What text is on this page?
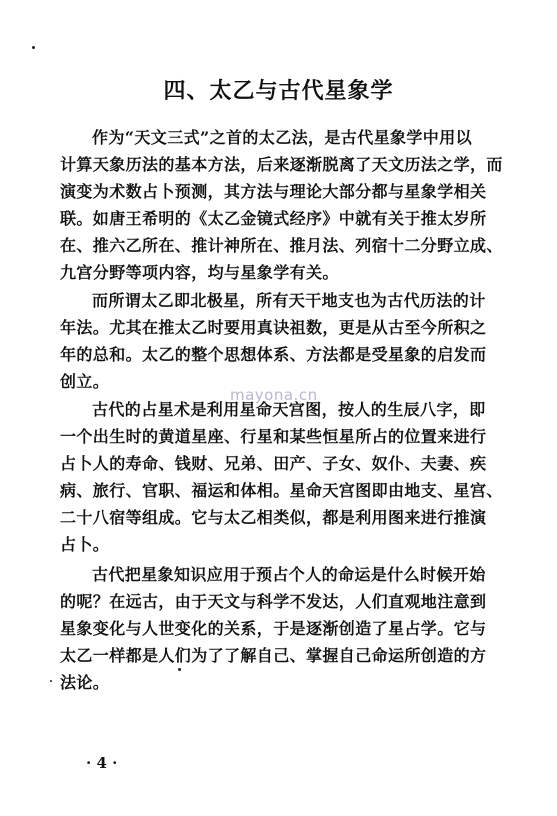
四、太乙与古代星象学
作为“天文三式”之首的太乙法，是古代星象学中用以
计算天象历法的基本方法，后来逐渐脱离了天文历法之学，而
演变为术数占卜预测，其方法与理论大部分都与星象学相关
联。如唐王希明的《太乙金镜式经序》中就有关于推太岁所
在、推六乙所在、推计神所在、推月法、列宿十二分野立成、
九宫分野等项内容，均与星象学有关。
而所谓太乙即北极星，所有天干地支也为古代历法的计
年法。尤其在推太乙时要用真诀祖数，更是从古至今所积之
年的总和。太乙的整个思想体系、方法都是受星象的启发而
创立。
古代的占星术是利用星命天宫图，按人的生辰八字，即
一个出生时的黄道星座、行星和某些恒星所占的位置来进行
占卜人的寿命、钱财、兄弟、田产、子女、奴仆、夫妻、疾
病、旅行、官职、福运和体相。星命天宫图即由地支、星宫、
二十八宿等组成。它与太乙相类似，都是利用图来进行推演
占卜。
古代把星象知识应用于预占个人的命运是什么时候开始
的呢？在远古，由于天文与科学不发达，人们直观地注意到
星象变化与人世变化的关系，于是逐渐创造了星占学。它与
太乙一样都是人们为了了解自己、掌握自己命运所创造的方
法论。
mayona.cn
· 4 ·
